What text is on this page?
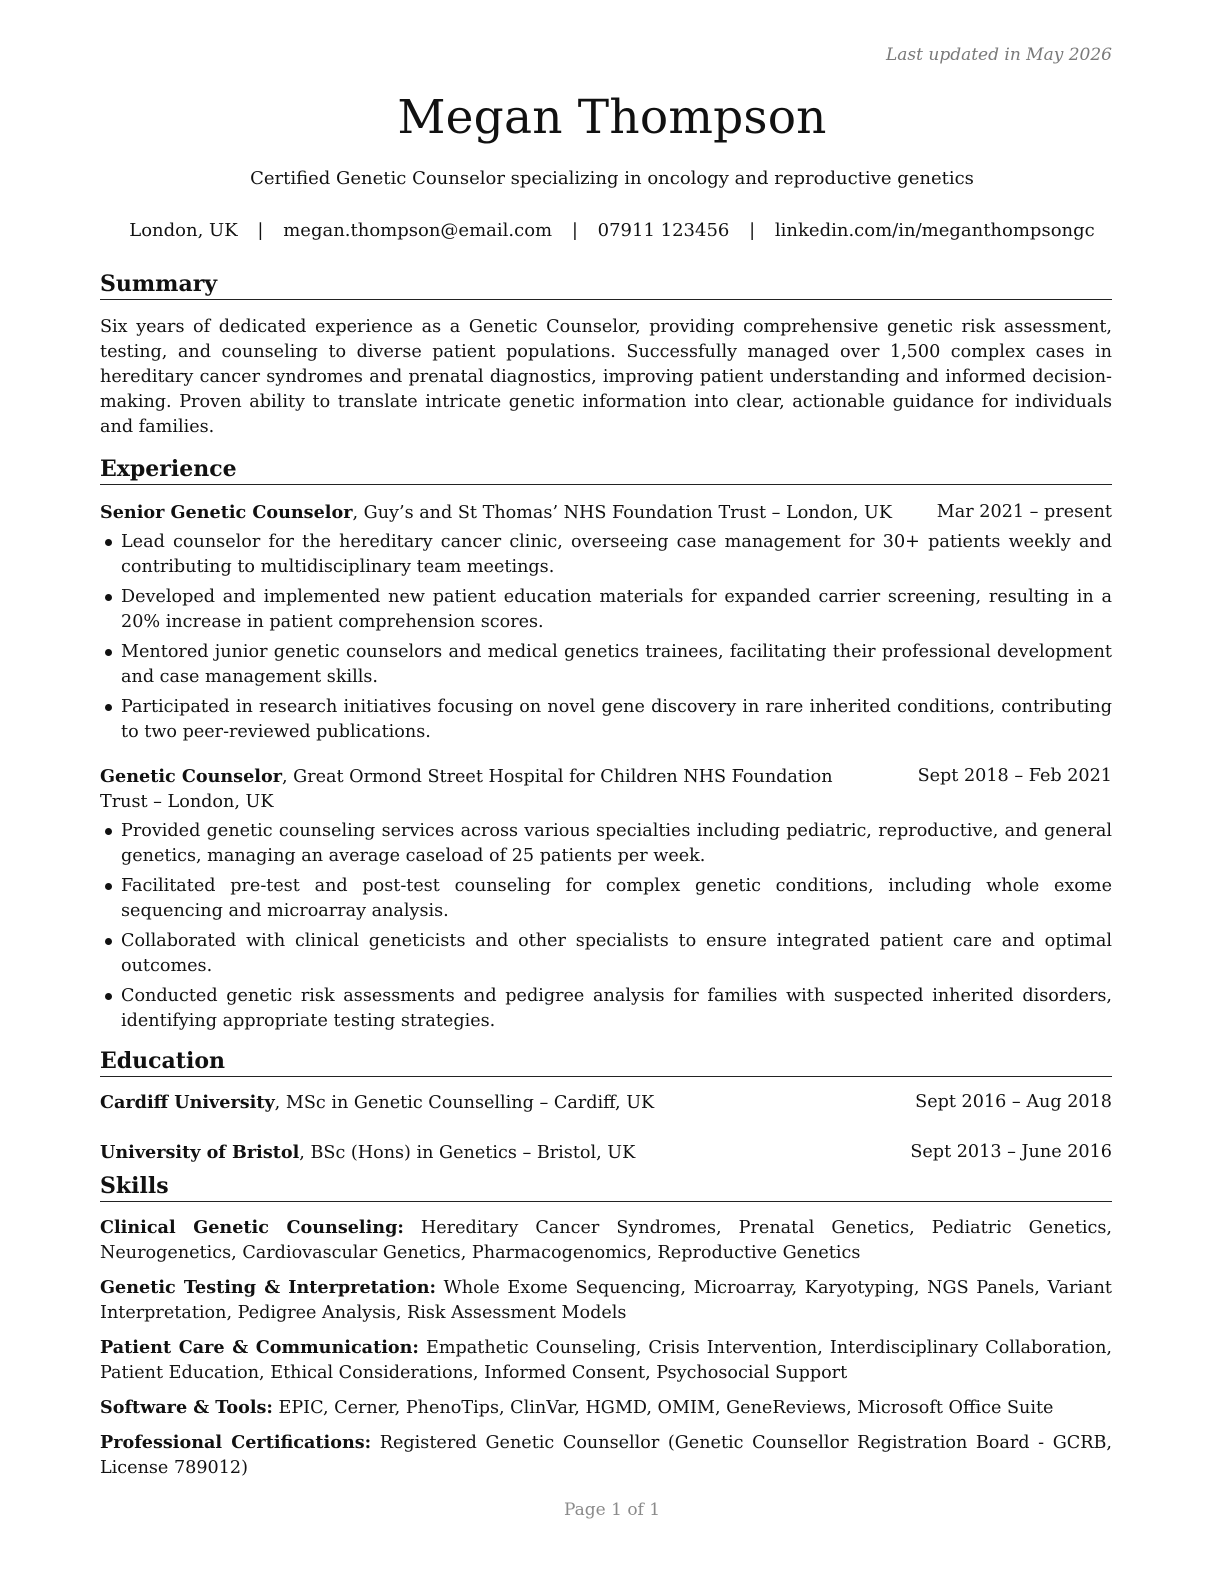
Last updated in May 2026
Megan Thompson
Certified Genetic Counselor specializing in oncology and reproductive genetics
London, UK | megan.thompson@email.com | 07911 123456 | linkedin.com/in/meganthompsongc
Summary
Six years of dedicated experience as a Genetic Counselor, providing comprehensive genetic risk assessment, testing, and counseling to diverse patient populations. Successfully managed over 1,500 complex cases in hereditary cancer syndromes and prenatal diagnostics, improving patient understanding and informed decision-making. Proven ability to translate intricate genetic information into clear, actionable guidance for individuals and families.
Experience
Senior Genetic Counselor, Guy’s and St Thomas’ NHS Foundation Trust – London, UK	Mar 2021 – present
Lead counselor for the hereditary cancer clinic, overseeing case management for 30+ patients weekly and contributing to multidisciplinary team meetings.
Developed and implemented new patient education materials for expanded carrier screening, resulting in a 20% increase in patient comprehension scores.
Mentored junior genetic counselors and medical genetics trainees, facilitating their professional development and case management skills.
Participated in research initiatives focusing on novel gene discovery in rare inherited conditions, contributing to two peer-reviewed publications.
Genetic Counselor, Great Ormond Street Hospital for Children NHS Foundation Trust – London, UK
Sept 2018 – Feb 2021
Provided genetic counseling services across various specialties including pediatric, reproductive, and general genetics, managing an average caseload of 25 patients per week.
Facilitated pre-test and post-test counseling for complex genetic conditions, including whole exome sequencing and microarray analysis.
Collaborated with clinical geneticists and other specialists to ensure integrated patient care and optimal outcomes.
Conducted genetic risk assessments and pedigree analysis for families with suspected inherited disorders, identifying appropriate testing strategies.
Education
Cardiff University, MSc in Genetic Counselling – Cardiff, UK	Sept 2016 – Aug 2018
University of Bristol, BSc (Hons) in Genetics – Bristol, UK	Sept 2013 – June 2016
Skills
Clinical Genetic Counseling: Hereditary Cancer Syndromes, Prenatal Genetics, Pediatric Genetics, Neurogenetics, Cardiovascular Genetics, Pharmacogenomics, Reproductive Genetics
Genetic Testing & Interpretation: Whole Exome Sequencing, Microarray, Karyotyping, NGS Panels, Variant Interpretation, Pedigree Analysis, Risk Assessment Models
Patient Care & Communication: Empathetic Counseling, Crisis Intervention, Interdisciplinary Collaboration, Patient Education, Ethical Considerations, Informed Consent, Psychosocial Support
Software & Tools: EPIC, Cerner, PhenoTips, ClinVar, HGMD, OMIM, GeneReviews, Microsoft Office Suite
Professional Certifications: Registered Genetic Counsellor (Genetic Counsellor Registration Board - GCRB, License 789012)
Page 1 of 1
